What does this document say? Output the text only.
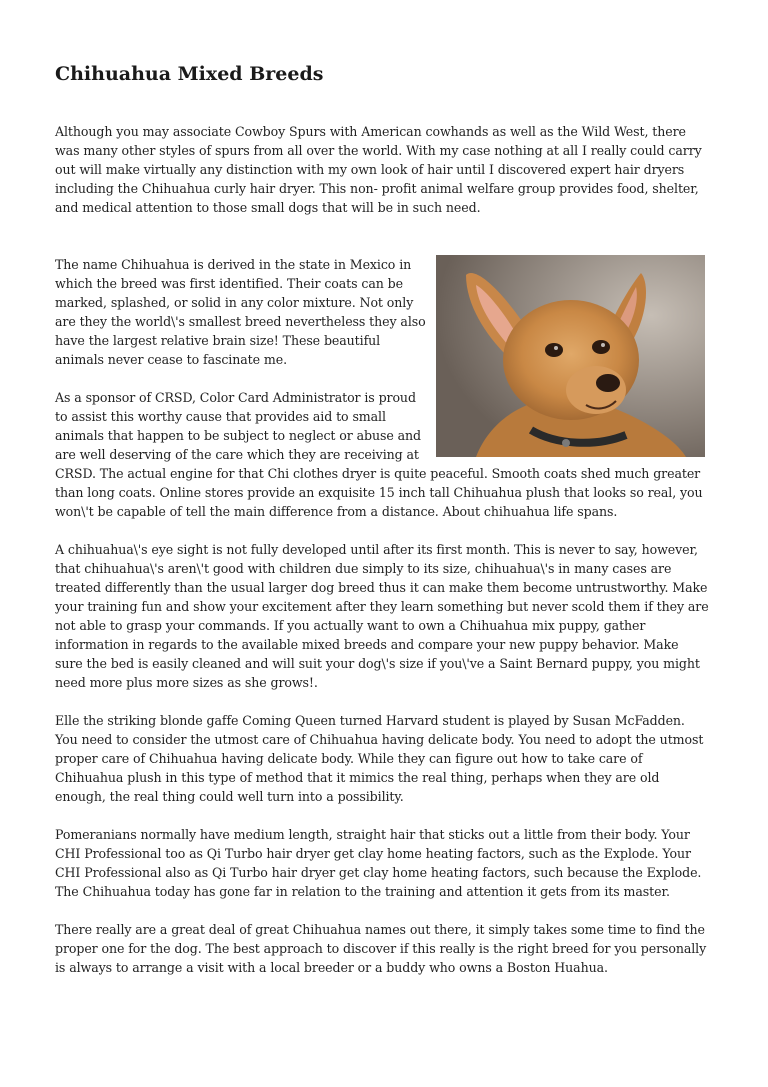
Chihuahua Mixed Breeds

Although you may associate Cowboy Spurs with American cowhands as well as the Wild West, there was many other styles of spurs from all over the world. With my case nothing at all I really could carry out will make virtually any distinction with my own look of hair until I discovered expert hair dryers including the Chihuahua curly hair dryer. This non- profit animal welfare group provides food, shelter, and medical attention to those small dogs that will be in such need.

The name Chihuahua is derived in the state in Mexico in which the breed was first identified. Their coats can be marked, splashed, or solid in any color mixture. Not only are they the world\'s smallest breed nevertheless they also have the largest relative brain size! These beautiful animals never cease to fascinate me.

As a sponsor of CRSD, Color Card Administrator is proud to assist this worthy cause that provides aid to small animals that happen to be subject to neglect or abuse and are well deserving of the care which they are receiving at CRSD. The actual engine for that Chi clothes dryer is quite peaceful. Smooth coats shed much greater than long coats. Online stores provide an exquisite 15 inch tall Chihuahua plush that looks so real, you won\'t be capable of tell the main difference from a distance. About chihuahua life spans.

A chihuahua\'s eye sight is not fully developed until after its first month. This is never to say, however, that chihuahua\'s aren\'t good with children due simply to its size, chihuahua\'s in many cases are treated differently than the usual larger dog breed thus it can make them become untrustworthy. Make your training fun and show your excitement after they learn something but never scold them if they are not able to grasp your commands. If you actually want to own a Chihuahua mix puppy, gather information in regards to the available mixed breeds and compare your new puppy behavior. Make sure the bed is easily cleaned and will suit your dog\'s size if you\'ve a Saint Bernard puppy, you might need more plus more sizes as she grows!.

Elle the striking blonde gaffe Coming Queen turned Harvard student is played by Susan McFadden. You need to consider the utmost care of Chihuahua having delicate body. You need to adopt the utmost proper care of Chihuahua having delicate body. While they can figure out how to take care of Chihuahua plush in this type of method that it mimics the real thing, perhaps when they are old enough, the real thing could well turn into a possibility.

Pomeranians normally have medium length, straight hair that sticks out a little from their body. Your CHI Professional too as Qi Turbo hair dryer get clay home heating factors, such as the Explode. Your CHI Professional also as Qi Turbo hair dryer get clay home heating factors, such because the Explode. The Chihuahua today has gone far in relation to the training and attention it gets from its master.

There really are a great deal of great Chihuahua names out there, it simply takes some time to find the proper one for the dog. The best approach to discover if this really is the right breed for you personally is always to arrange a visit with a local breeder or a buddy who owns a Boston Huahua.
